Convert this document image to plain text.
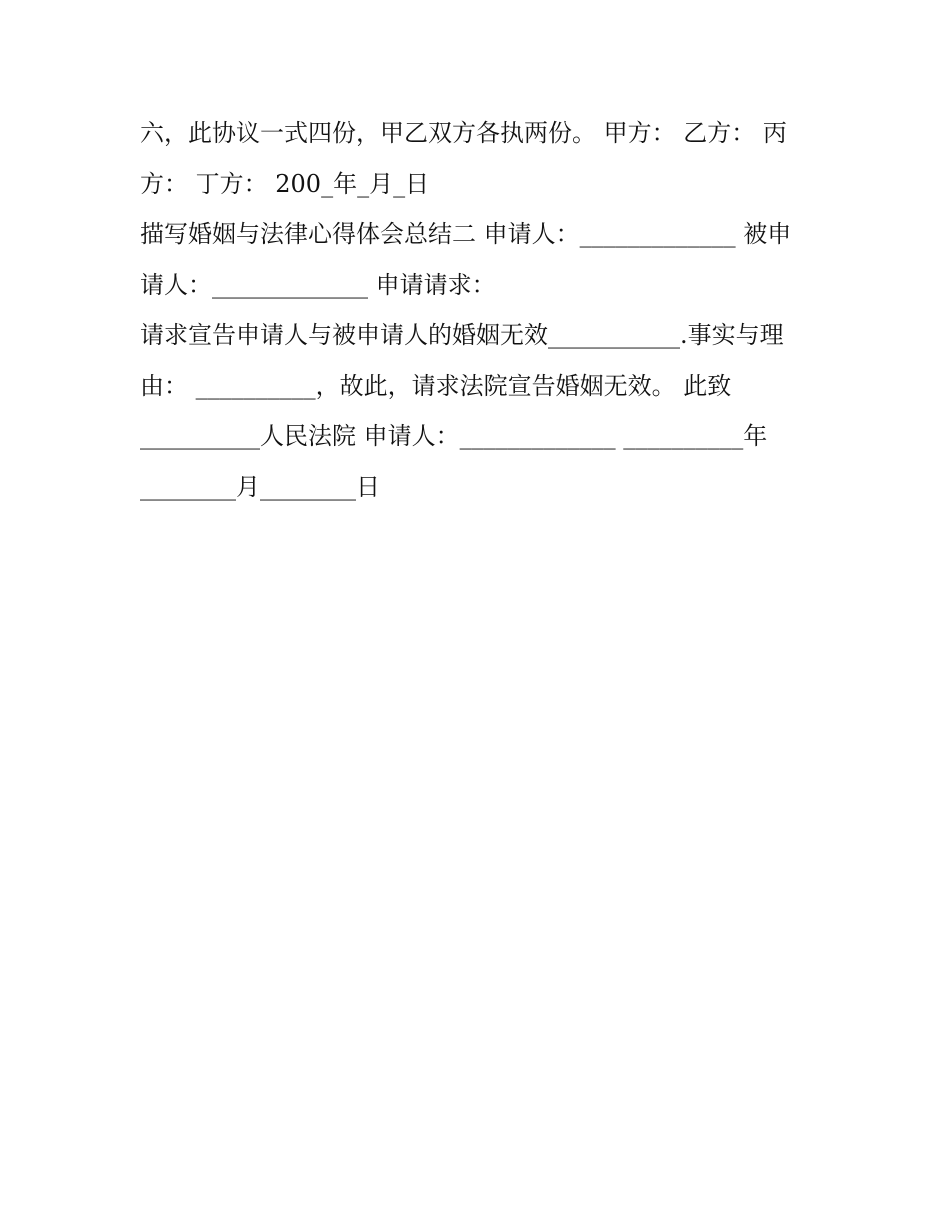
六，此协议一式四份，甲乙双方各执两份。 甲方： 乙方： 丙
方： 丁方： 200_年_月_日
描写婚姻与法律心得体会总结二 申请人：_____________ 被申
请人：_____________ 申请请求：
请求宣告申请人与被申请人的婚姻无效___________.事实与理
由： __________，故此，请求法院宣告婚姻无效。 此致
__________人民法院 申请人：_____________ __________年
________月________日
